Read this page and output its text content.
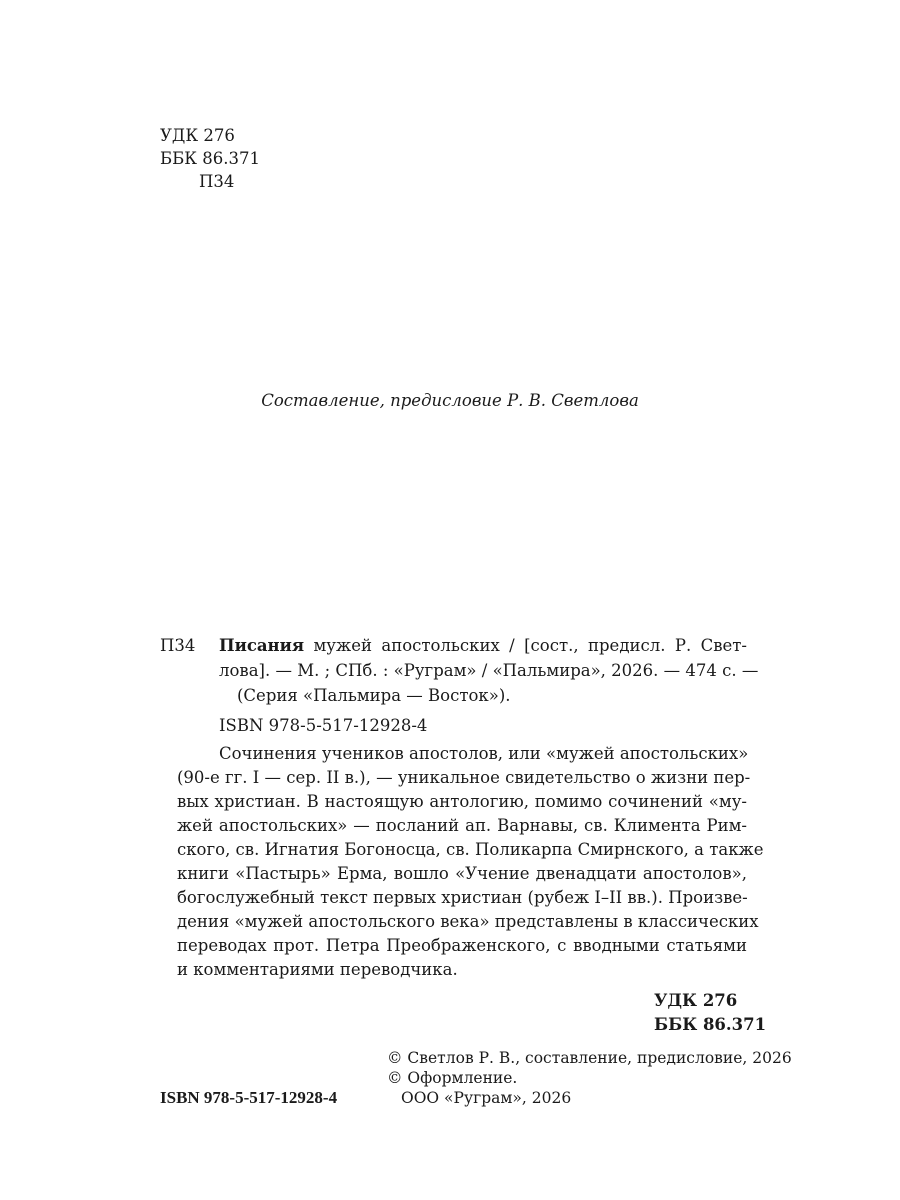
УДК 276
ББК 86.371
П34
Составление, предисловие Р. В. Светлова
П34 Писания мужей апостольских / [сост., предисл. Р. Свет-
лова]. — М. ; СПб. : «Руграм» / «Пальмира», 2026. — 474 с. —
(Серия «Пальмира — Восток»).
ISBN 978-5-517-12928-4
Сочинения учеников апостолов, или «мужей апостольских»
(90-е гг. I — сер. II в.), — уникальное свидетельство о жизни пер-
вых христиан. В настоящую антологию, помимо сочинений «му-
жей апостольских» — посланий ап. Варнавы, св. Климента Рим-
ского, св. Игнатия Богоносца, св. Поликарпа Смирнского, а также
книги «Пастырь» Ерма, вошло «Учение двенадцати апостолов»,
богослужебный текст первых христиан (рубеж I–II вв.). Произве-
дения «мужей апостольского века» представлены в классических
переводах прот. Петра Преображенского, с вводными статьями
и комментариями переводчика.
УДК 276
ББК 86.371
ISBN 978-5-517-12928-4
© Светлов Р. В., составление, предисловие, 2026
© Оформление.
ООО «Руграм», 2026
